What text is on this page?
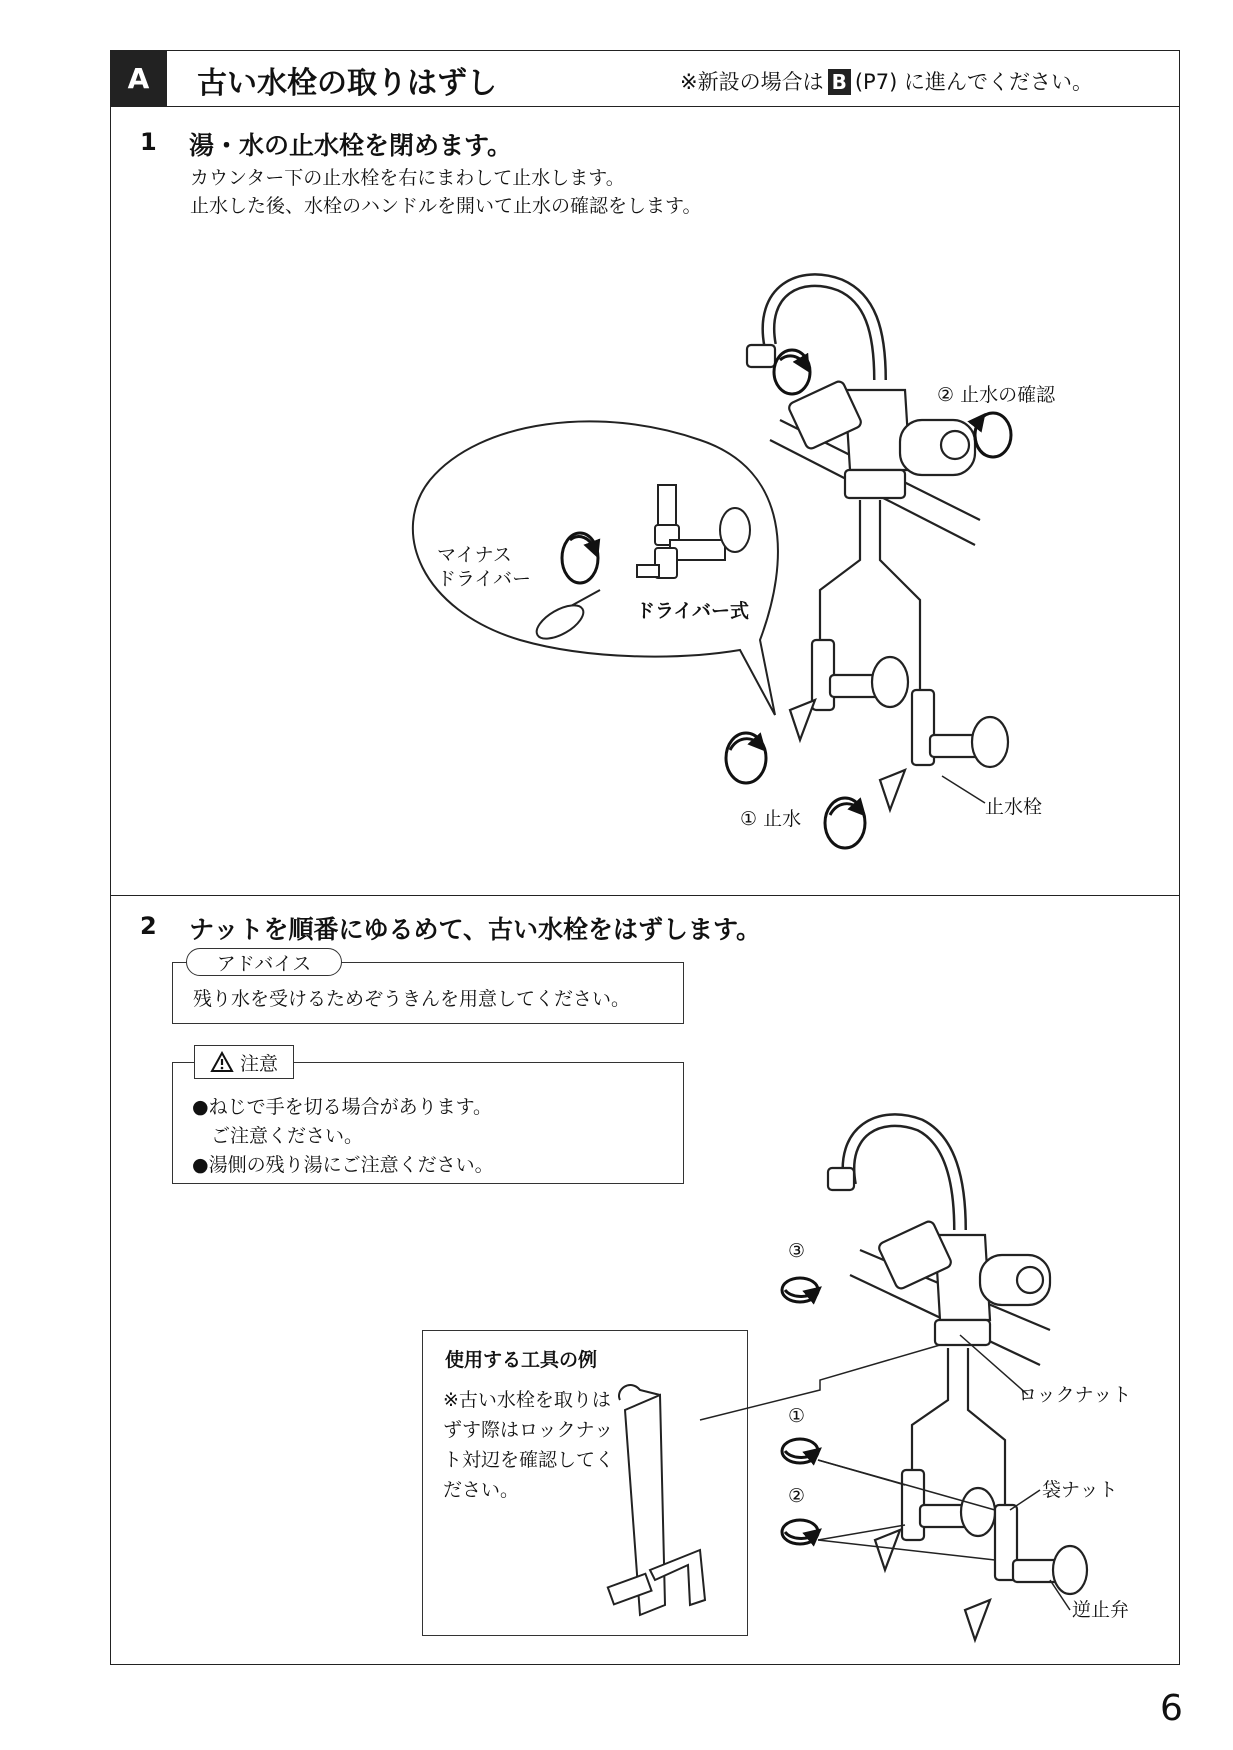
A	古い水栓の取りはずし	※新設の場合は B (P7) に進んでください。
1 湯・水の止水栓を閉めます。
カウンター下の止水栓を右にまわして止水します。
止水した後、水栓のハンドルを開いて止水の確認をします。
2 ナットを順番にゆるめて、古い水栓をはずします。
アドバイス
残り水を受けるためぞうきんを用意してください。
注意
●ねじで手を切る場合があります。
　ご注意ください。
●湯側の残り湯にご注意ください。
使用する工具の例
※古い水栓を取りはずす際はロックナット対辺を確認してください。
② 止水の確認
マイナス
ドライバー
ドライバー式
① 止水
止水栓
③
①
②
ロックナット
袋ナット
逆止弁
6
